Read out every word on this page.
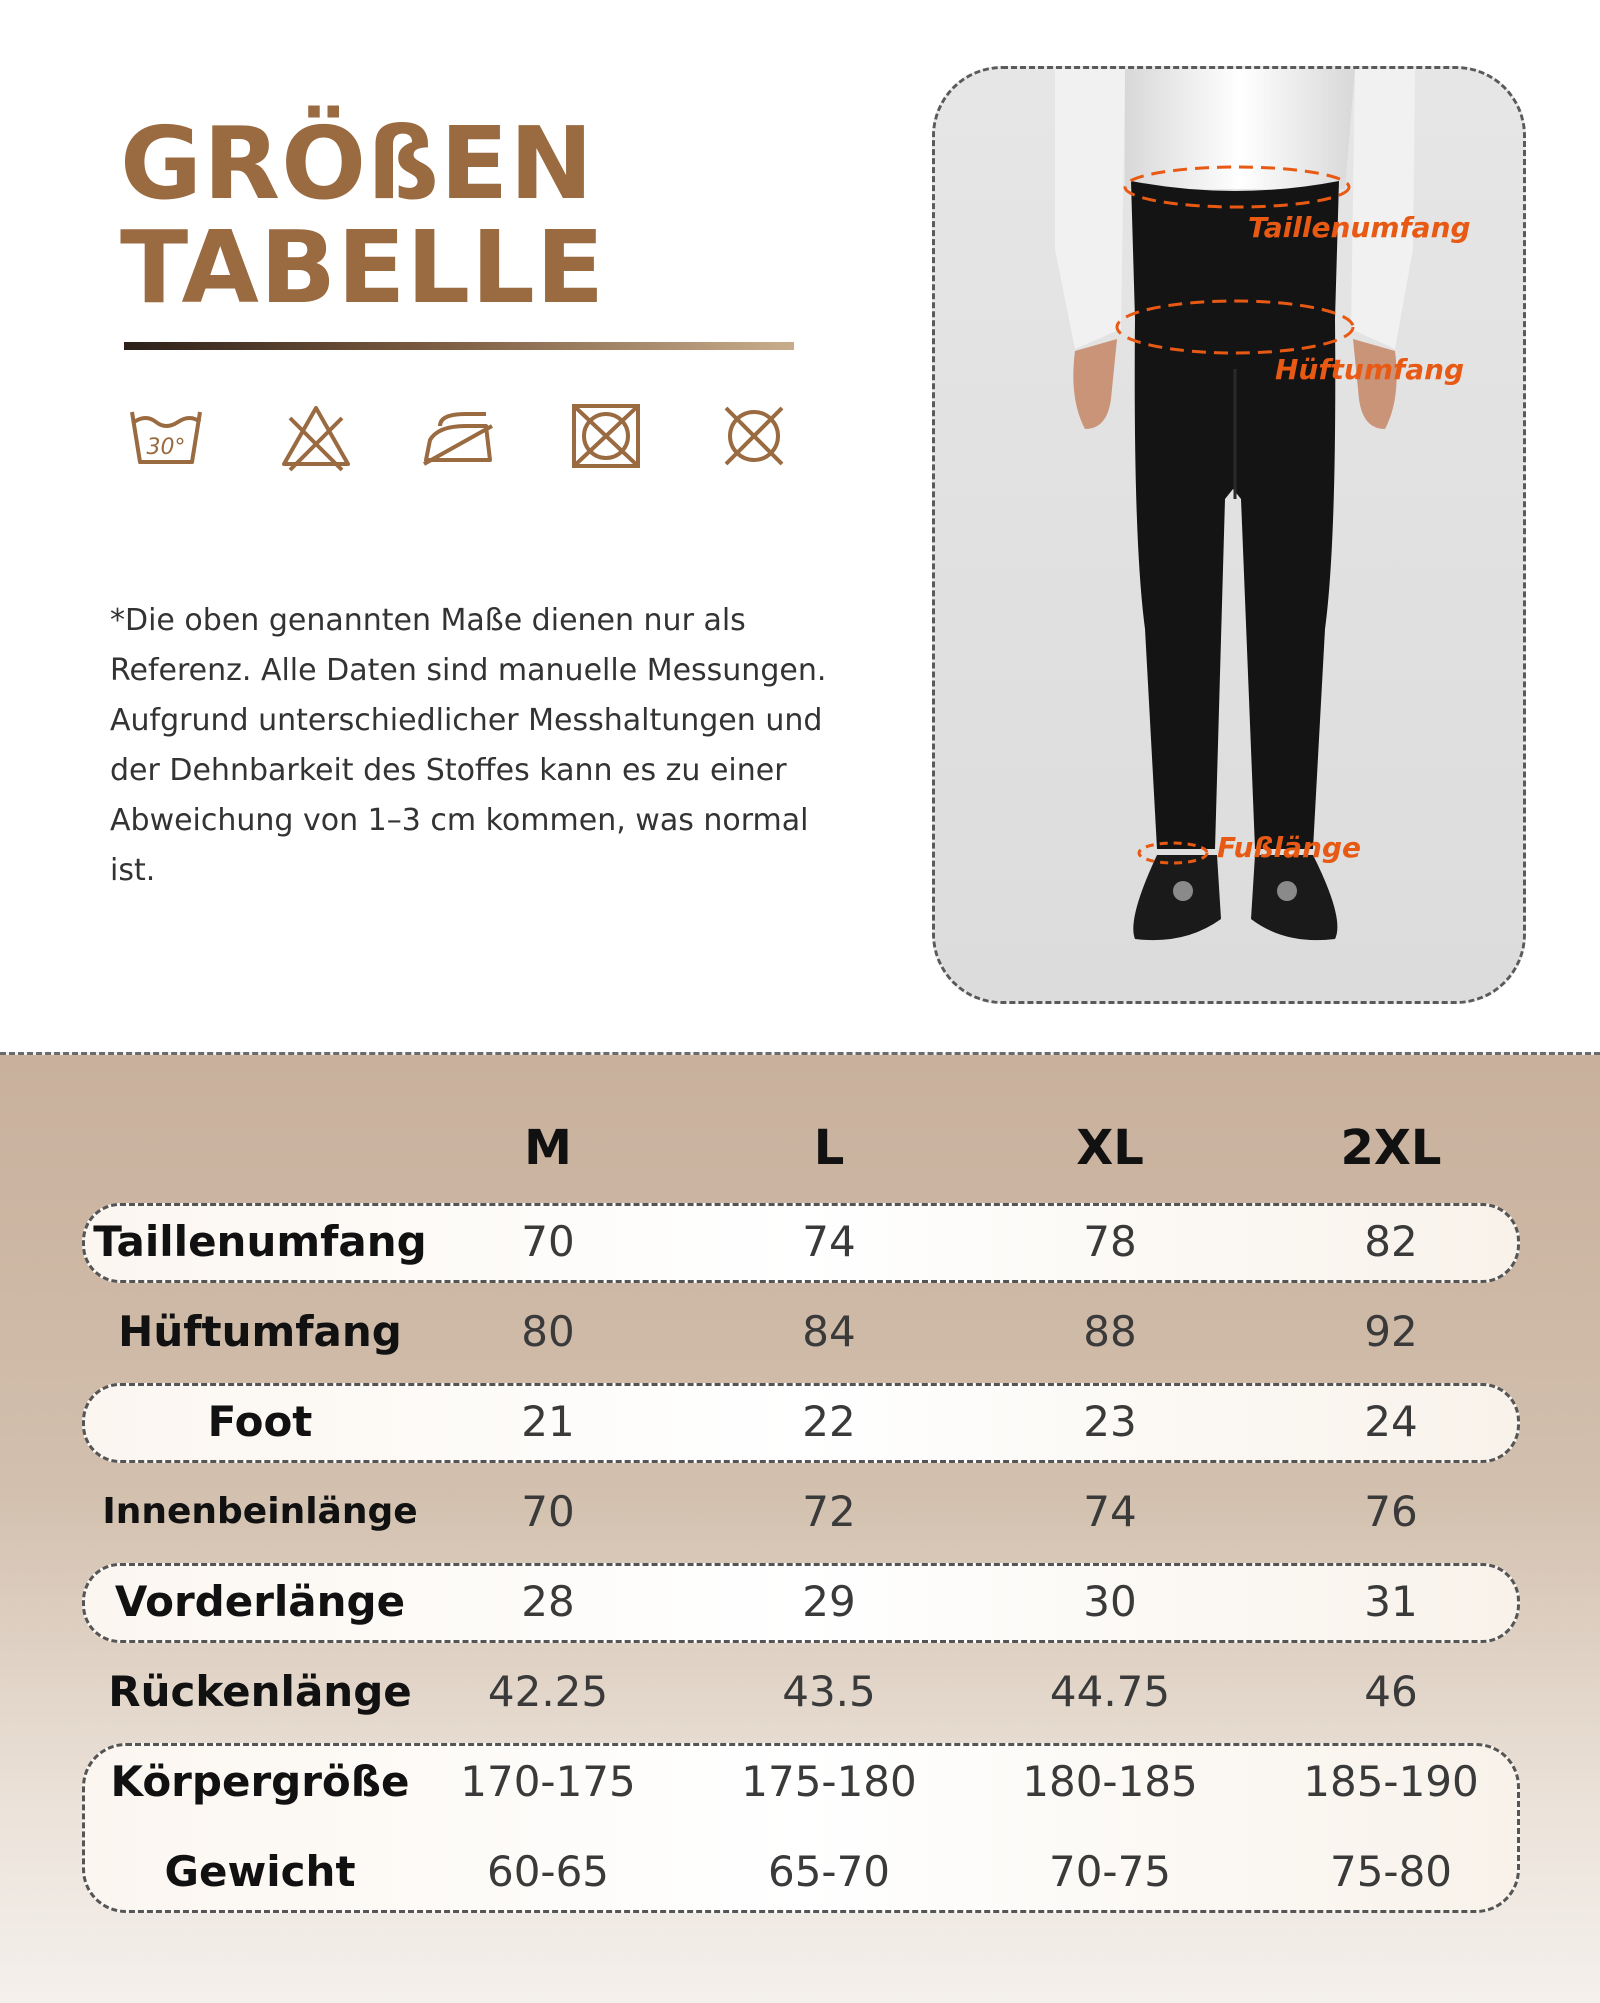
GRÖßEN
TABELLE
30°

*Die oben genannten Maße dienen nur als Referenz. Alle Daten sind manuelle Messungen. Aufgrund unterschiedlicher Messhaltungen und der Dehnbarkeit des Stoffes kann es zu einer Abweichung von 1–3 cm kommen, was normal ist.

Taillenumfang

Hüftumfang

Fußlänge

M	L	XL	2XL

Taillenumfang	70	74	78	82

Hüftumfang	80	84	88	92

Foot	21	22	23	24

Innenbeinlänge	70	72	74	76

Vorderlänge	28	29	30	31

Rückenlänge	42.25	43.5	44.75	46

Körpergröße	170-175	175-180	180-185	185-190

Gewicht	60-65	65-70	70-75	75-80
